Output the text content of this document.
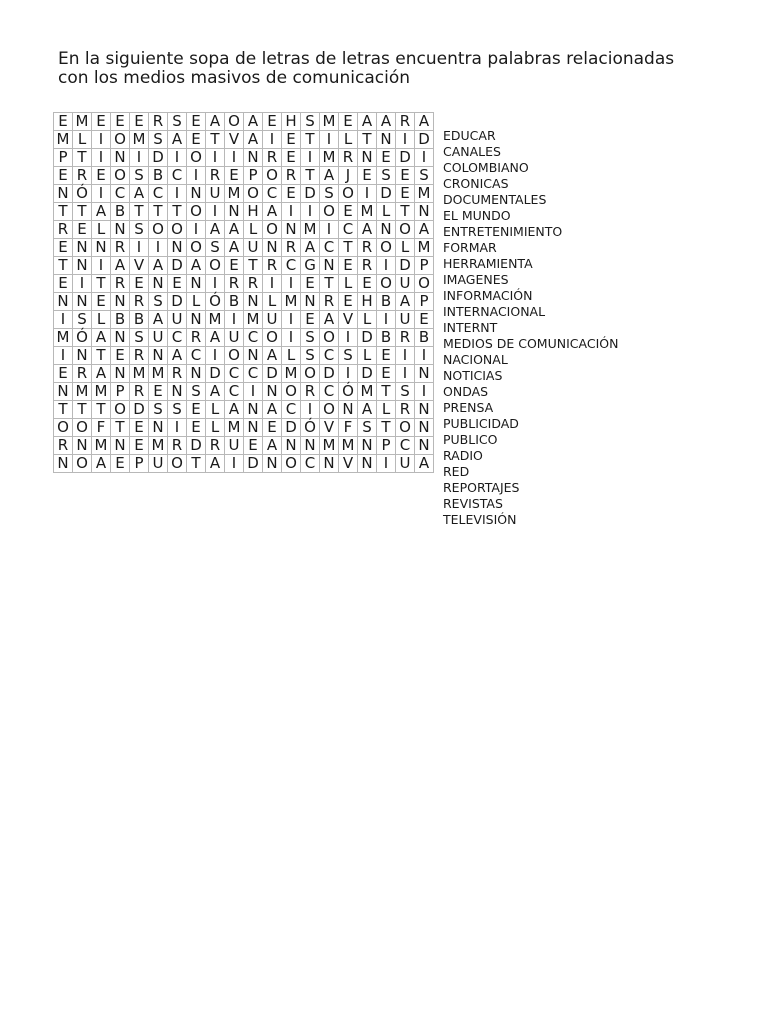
En la siguiente sopa de letras de letras encuentra palabras relacionadas
con los medios masivos de comunicación
E	M	E	E	E	R	S	E	A	O	A	E	H	S	M	E	A	A	R	A
M	L	I	O	M	S	A	E	T	V	A	I	E	T	I	L	T	N	I	D
P	T	I	N	I	D	I	O	I	I	N	R	E	I	M	R	N	E	D	I
E	R	E	O	S	B	C	I	R	E	P	O	R	T	A	J	E	S	E	S
N	Ó	I	C	A	C	I	N	U	M	O	C	E	D	S	O	I	D	E	M
T	T	A	B	T	T	T	O	I	N	H	A	I	I	O	E	M	L	T	N
R	E	L	N	S	O	O	I	A	A	L	O	N	M	I	C	A	N	O	A
E	N	N	R	I	I	N	O	S	A	U	N	R	A	C	T	R	O	L	M
T	N	I	A	V	A	D	A	O	E	T	R	C	G	N	E	R	I	D	P
E	I	T	R	E	N	E	N	I	R	R	I	I	E	T	L	E	O	U	O
N	N	E	N	R	S	D	L	Ó	B	N	L	M	N	R	E	H	B	A	P
I	S	L	B	B	A	U	N	M	I	M	U	I	E	A	V	L	I	U	E
M	Ó	A	N	S	U	C	R	A	U	C	O	I	S	O	I	D	B	R	B
I	N	T	E	R	N	A	C	I	O	N	A	L	S	C	S	L	E	I	I
E	R	A	N	M	M	R	N	D	C	C	D	M	O	D	I	D	E	I	N
N	M	M	P	R	E	N	S	A	C	I	N	O	R	C	Ó	M	T	S	I
T	T	T	O	D	S	S	E	L	A	N	A	C	I	O	N	A	L	R	N
O	O	F	T	E	N	I	E	L	M	N	E	D	Ó	V	F	S	T	O	N
R	N	M	N	E	M	R	D	R	U	E	A	N	N	M	M	N	P	C	N
N	O	A	E	P	U	O	T	A	I	D	N	O	C	N	V	N	I	U	A
EDUCAR
CANALES
COLOMBIANO
CRONICAS
DOCUMENTALES
EL MUNDO
ENTRETENIMIENTO
FORMAR
HERRAMIENTA
IMAGENES
INFORMACIÓN
INTERNACIONAL
INTERNT
MEDIOS DE COMUNICACIÓN
NACIONAL
NOTICIAS
ONDAS
PRENSA
PUBLICIDAD
PUBLICO
RADIO
RED
REPORTAJES
REVISTAS
TELEVISIÓN
